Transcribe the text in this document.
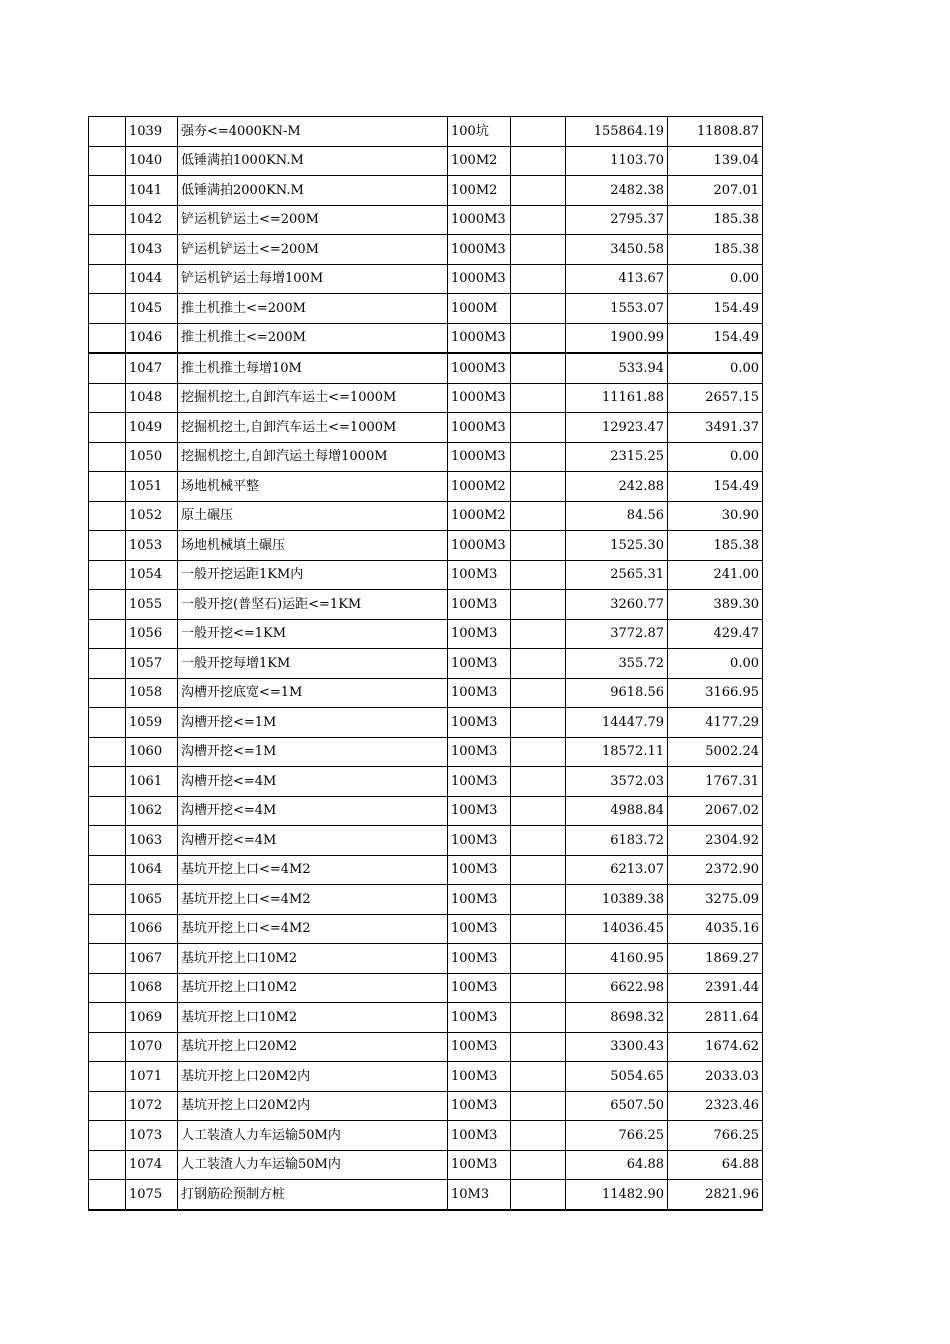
	1039	强夯<=4000KN-M	100坑		155864.19	11808.87
	1040	低锤满拍1000KN.M	100M2		1103.70	139.04
	1041	低锤满拍2000KN.M	100M2		2482.38	207.01
	1042	铲运机铲运土<=200M	1000M3		2795.37	185.38
	1043	铲运机铲运土<=200M	1000M3		3450.58	185.38
	1044	铲运机铲运土每增100M	1000M3		413.67	0.00
	1045	推土机推土<=200M	1000M		1553.07	154.49
	1046	推土机推土<=200M	1000M3		1900.99	154.49
	1047	推土机推土每增10M	1000M3		533.94	0.00
	1048	挖掘机挖土,自卸汽车运土<=1000M	1000M3		11161.88	2657.15
	1049	挖掘机挖土,自卸汽车运土<=1000M	1000M3		12923.47	3491.37
	1050	挖掘机挖土,自卸汽运土每增1000M	1000M3		2315.25	0.00
	1051	场地机械平整	1000M2		242.88	154.49
	1052	原土碾压	1000M2		84.56	30.90
	1053	场地机械填土碾压	1000M3		1525.30	185.38
	1054	一般开挖运距1KM内	100M3		2565.31	241.00
	1055	一般开挖(普坚石)运距<=1KM	100M3		3260.77	389.30
	1056	一般开挖<=1KM	100M3		3772.87	429.47
	1057	一般开挖每增1KM	100M3		355.72	0.00
	1058	沟槽开挖底宽<=1M	100M3		9618.56	3166.95
	1059	沟槽开挖<=1M	100M3		14447.79	4177.29
	1060	沟槽开挖<=1M	100M3		18572.11	5002.24
	1061	沟槽开挖<=4M	100M3		3572.03	1767.31
	1062	沟槽开挖<=4M	100M3		4988.84	2067.02
	1063	沟槽开挖<=4M	100M3		6183.72	2304.92
	1064	基坑开挖上口<=4M2	100M3		6213.07	2372.90
	1065	基坑开挖上口<=4M2	100M3		10389.38	3275.09
	1066	基坑开挖上口<=4M2	100M3		14036.45	4035.16
	1067	基坑开挖上口10M2	100M3		4160.95	1869.27
	1068	基坑开挖上口10M2	100M3		6622.98	2391.44
	1069	基坑开挖上口10M2	100M3		8698.32	2811.64
	1070	基坑开挖上口20M2	100M3		3300.43	1674.62
	1071	基坑开挖上口20M2内	100M3		5054.65	2033.03
	1072	基坑开挖上口20M2内	100M3		6507.50	2323.46
	1073	人工装渣人力车运输50M内	100M3		766.25	766.25
	1074	人工装渣人力车运输50M内	100M3		64.88	64.88
	1075	打钢筋砼预制方桩	10M3		11482.90	2821.96
